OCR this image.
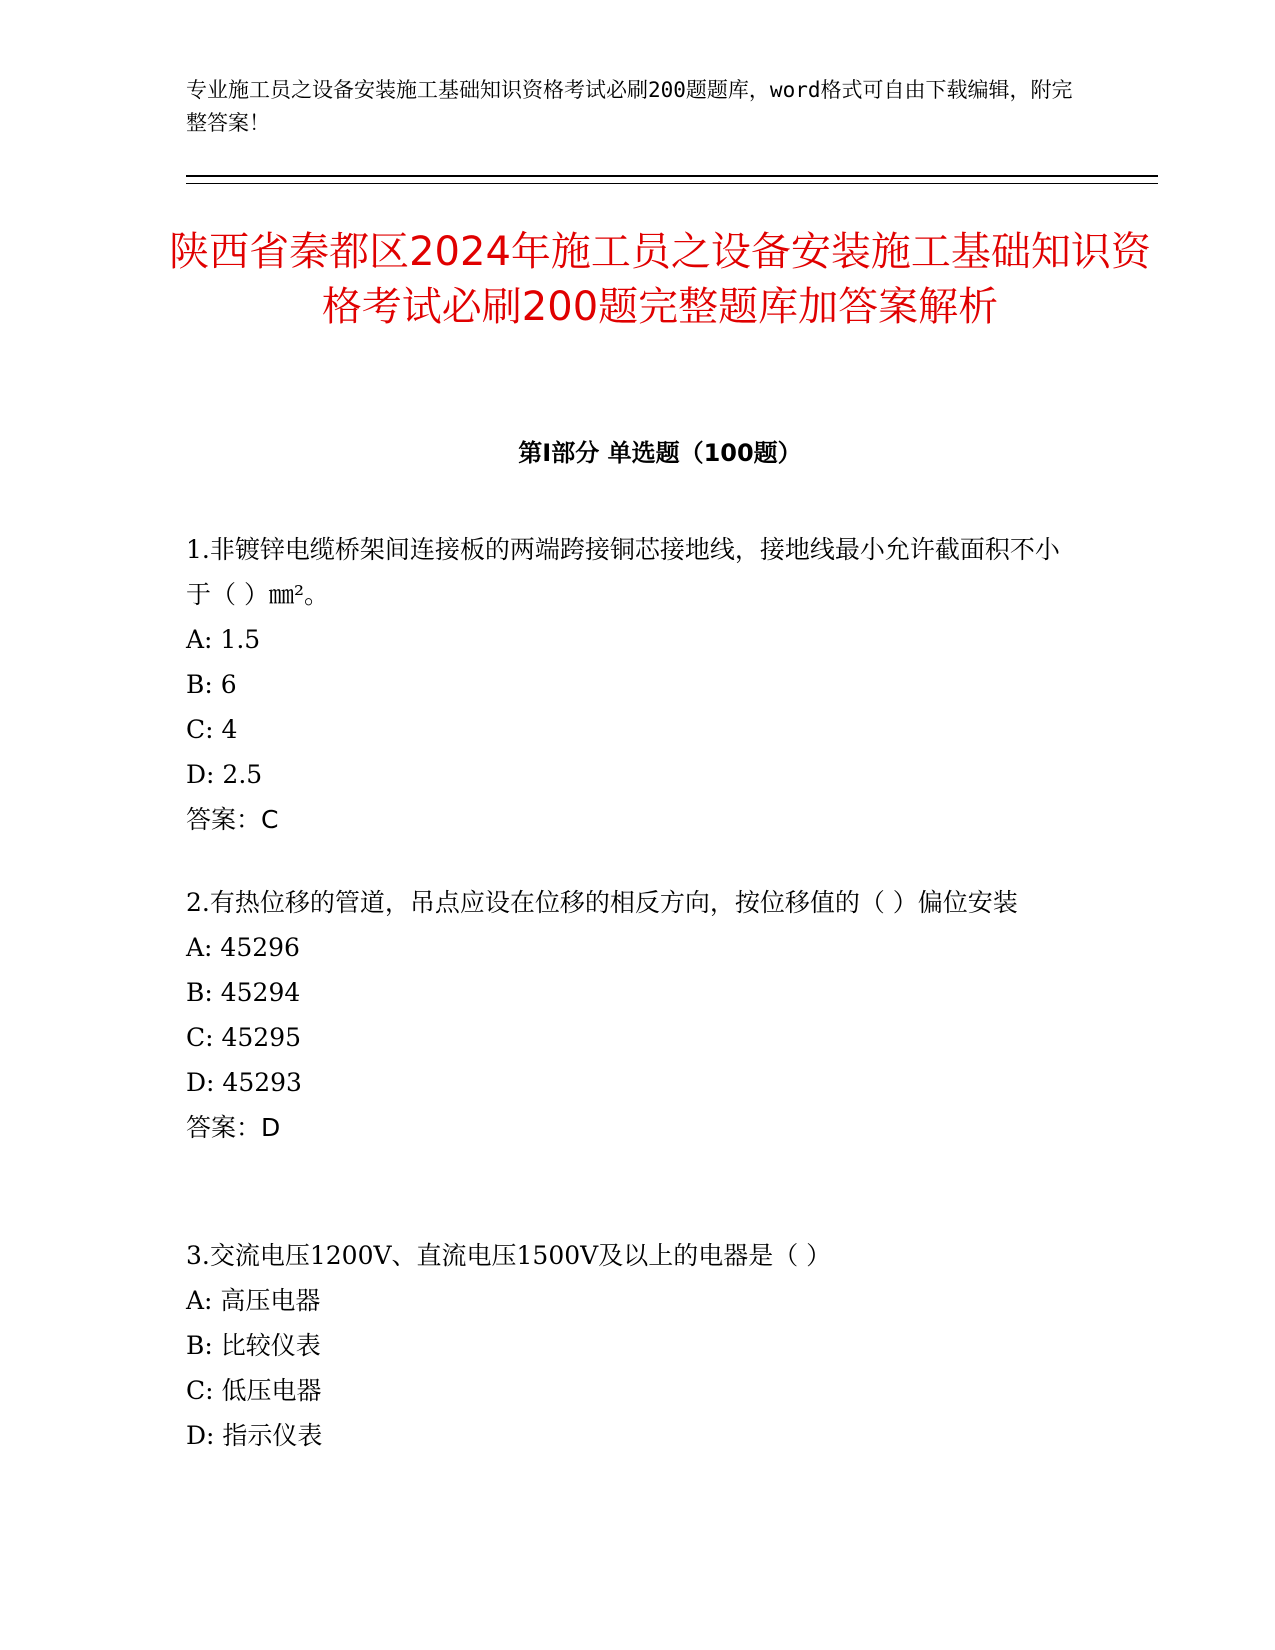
专业施工员之设备安装施工基础知识资格考试必刷200题题库，word格式可自由下载编辑，附完整答案！
陕西省秦都区2024年施工员之设备安装施工基础知识资格考试必刷200题完整题库加答案解析
第I部分 单选题（100题）

1.非镀锌电缆桥架间连接板的两端跨接铜芯接地线，接地线最小允许截面积不小于（ ）㎜²。

A: 1.5

B: 6

C: 4

D: 2.5

答案：C

2.有热位移的管道，吊点应设在位移的相反方向，按位移值的（ ）偏位安装

A: 45296

B: 45294

C: 45295

D: 45293

答案：D

3.交流电压1200V、直流电压1500V及以上的电器是（ ）

A: 高压电器

B: 比较仪表

C: 低压电器

D: 指示仪表
